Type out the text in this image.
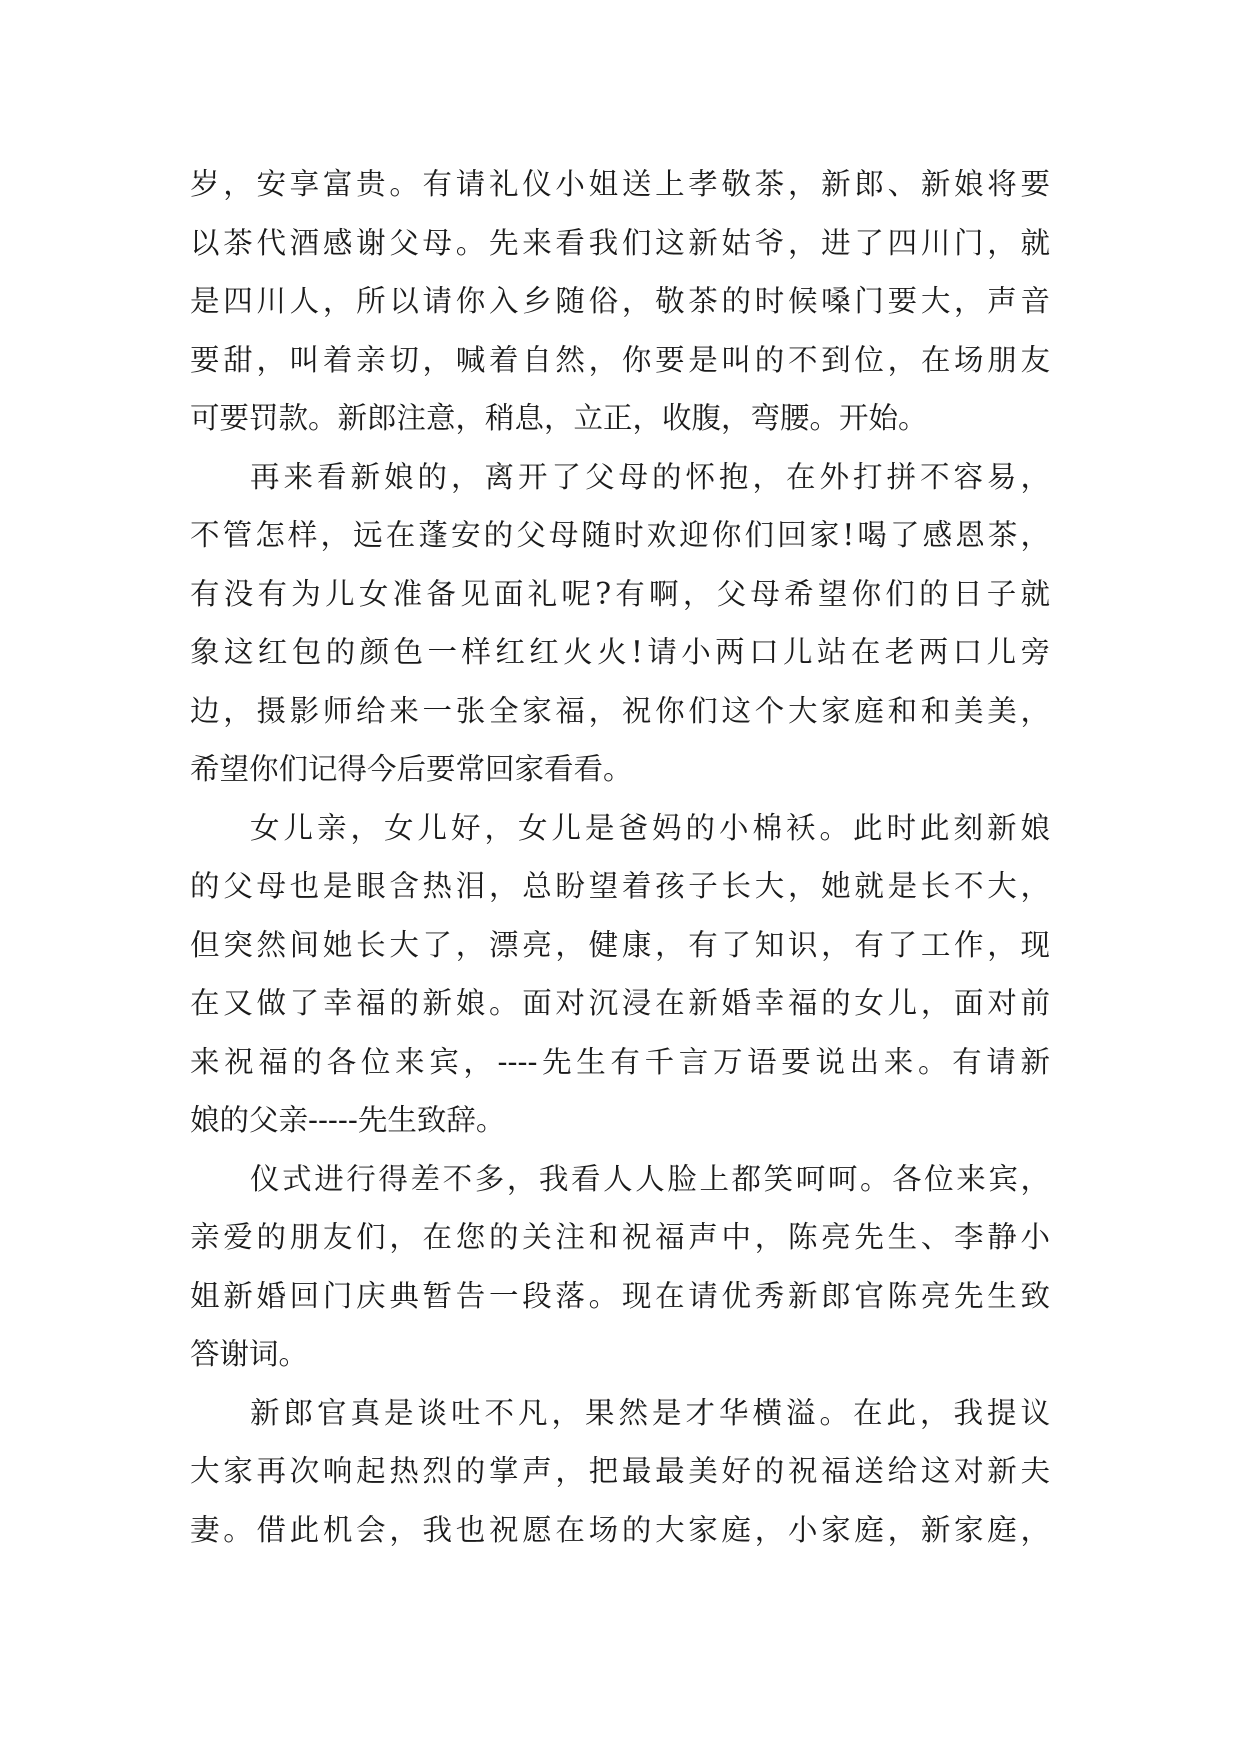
岁，安享富贵。有请礼仪小姐送上孝敬茶，新郎、新娘将要
以茶代酒感谢父母。先来看我们这新姑爷，进了四川门，就
是四川人，所以请你入乡随俗，敬茶的时候嗓门要大，声音
要甜，叫着亲切，喊着自然，你要是叫的不到位，在场朋友
可要罚款。新郎注意，稍息，立正，收腹，弯腰。开始。
再来看新娘的，离开了父母的怀抱，在外打拼不容易，
不管怎样，远在蓬安的父母随时欢迎你们回家!喝了感恩茶，
有没有为儿女准备见面礼呢?有啊，父母希望你们的日子就
象这红包的颜色一样红红火火!请小两口儿站在老两口儿旁
边，摄影师给来一张全家福，祝你们这个大家庭和和美美，
希望你们记得今后要常回家看看。
女儿亲，女儿好，女儿是爸妈的小棉袄。此时此刻新娘
的父母也是眼含热泪，总盼望着孩子长大，她就是长不大，
但突然间她长大了，漂亮，健康，有了知识，有了工作，现
在又做了幸福的新娘。面对沉浸在新婚幸福的女儿，面对前
来祝福的各位来宾，----先生有千言万语要说出来。有请新
娘的父亲-----先生致辞。
仪式进行得差不多，我看人人脸上都笑呵呵。各位来宾，
亲爱的朋友们，在您的关注和祝福声中，陈亮先生、李静小
姐新婚回门庆典暂告一段落。现在请优秀新郎官陈亮先生致
答谢词。
新郎官真是谈吐不凡，果然是才华横溢。在此，我提议
大家再次响起热烈的掌声，把最最美好的祝福送给这对新夫
妻。借此机会，我也祝愿在场的大家庭，小家庭，新家庭，
